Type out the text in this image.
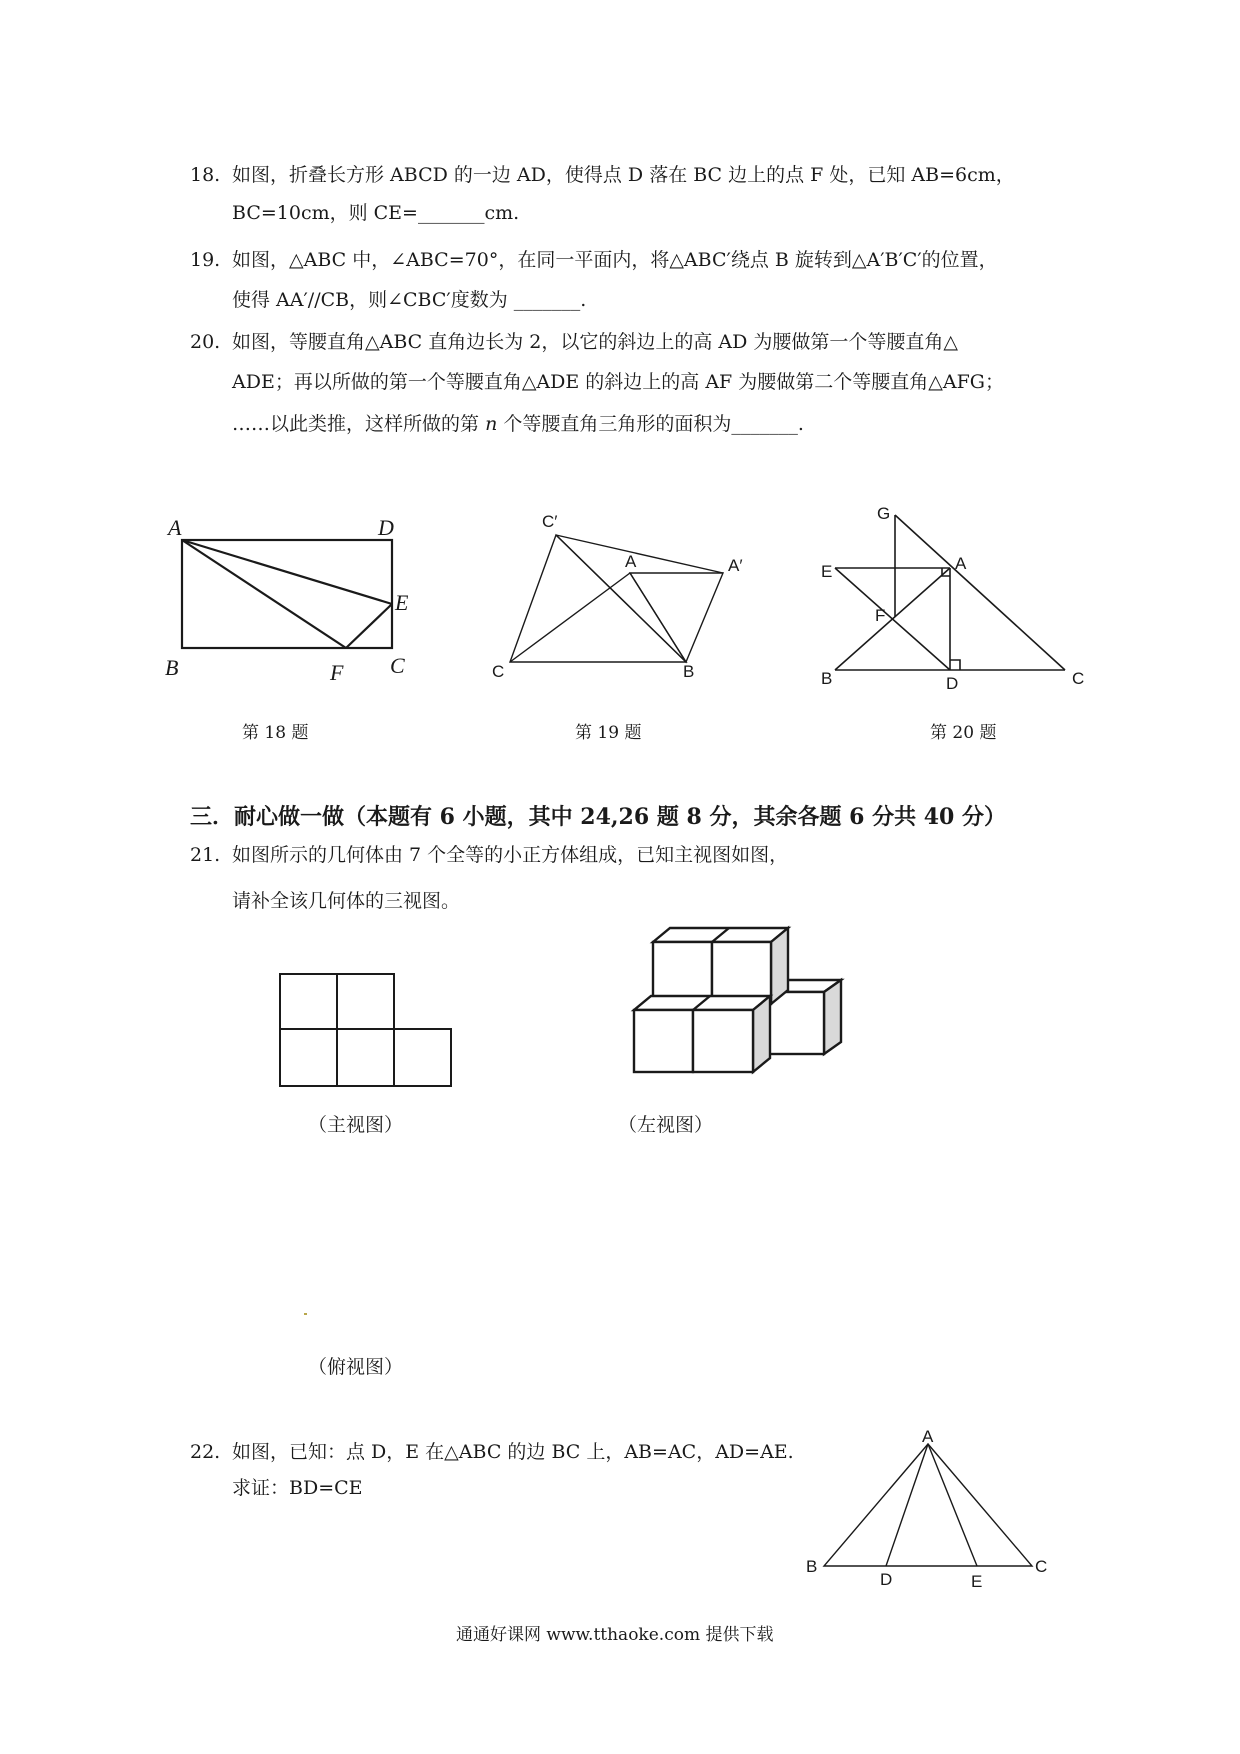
18. 如图，折叠长方形 ABCD 的一边 AD，使得点 D 落在 BC 边上的点 F 处，已知 AB=6cm，
BC=10cm，则 CE=_______cm.
19. 如图，△ABC 中，∠ABC=70°，在同一平面内，将△ABC′绕点 B 旋转到△A′B′C′的位置，
使得 AA′//CB，则∠CBC′度数为 _______.
20. 如图，等腰直角△ABC 直角边长为 2，以它的斜边上的高 AD 为腰做第一个等腰直角△
ADE；再以所做的第一个等腰直角△ADE 的斜边上的高 AF 为腰做第二个等腰直角△AFG；
……以此类推，这样所做的第 n 个等腰直角三角形的面积为_______.
A	D
E
B	F C
第 18 题
C′
A	A′
C	B
第 19 题
G
A
E
F
B	D	C
第 20 题
三．耐心做一做（本题有 6 小题，其中 24,26 题 8 分，其余各题 6 分共 40 分）
21. 如图所示的几何体由 7 个全等的小正方体组成，已知主视图如图，
请补全该几何体的三视图。
（主视图）	（左视图）
（俯视图）
22. 如图，已知：点 D，E 在△ABC 的边 BC 上，AB=AC，AD=AE.
求证：BD=CE
A
B
D	E
C
通通好课网 www.tthaoke.com 提供下载
